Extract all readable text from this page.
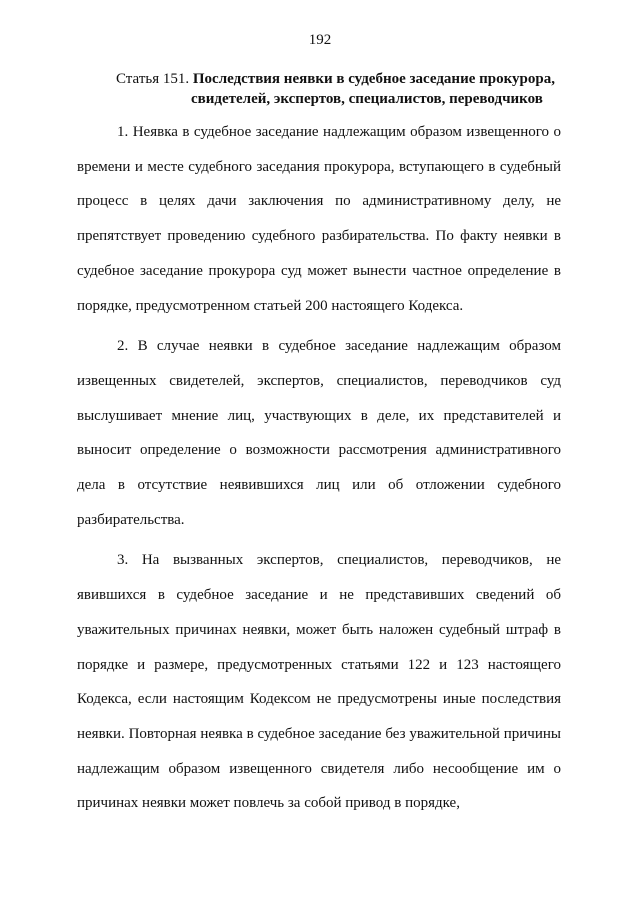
192
Статья 151. Последствия неявки в судебное заседание прокурора,
свидетелей, экспертов, специалистов, переводчиков

1. Неявка в судебное заседание надлежащим образом извещенного о времени и месте судебного заседания прокурора, вступающего в судебный процесс в целях дачи заключения по административному делу, не препятствует проведению судебного разбирательства. По факту неявки в судебное заседание прокурора суд может вынести частное определение в порядке, предусмотренном статьей 200 настоящего Кодекса.

2. В случае неявки в судебное заседание надлежащим образом извещенных свидетелей, экспертов, специалистов, переводчиков суд выслушивает мнение лиц, участвующих в деле, их представителей и выносит определение о возможности рассмотрения административного дела в отсутствие неявившихся лиц или об отложении судебного разбирательства.

3. На вызванных экспертов, специалистов, переводчиков, не явившихся в судебное заседание и не представивших сведений об уважительных причинах неявки, может быть наложен судебный штраф в порядке и размере, предусмотренных статьями 122 и 123 настоящего Кодекса, если настоящим Кодексом не предусмотрены иные последствия неявки. Повторная неявка в судебное заседание без уважительной причины надлежащим образом извещенного свидетеля либо несообщение им о причинах неявки может повлечь за собой привод в порядке,
